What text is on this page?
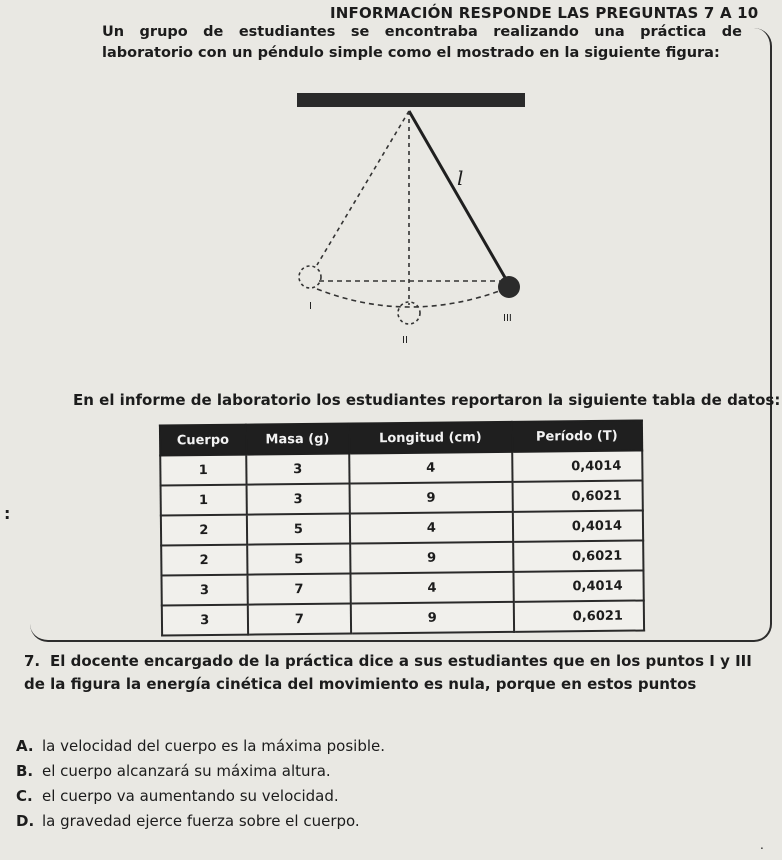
INFORMACIÓN RESPONDE LAS PREGUNTAS 7 A 10
Un grupo de estudiantes se encontraba realizando una práctica de laboratorio con un péndulo simple como el mostrado en la siguiente figura:
l
I
II
III
En el informe de laboratorio los estudiantes reportaron la siguiente tabla de datos:
:
Cuerpo	Masa (g)	Longitud (cm)	Período (T)
1	3	4	0,4014
1	3	9	0,6021
2	5	4	0,4014
2	5	9	0,6021
3	7	4	0,4014
3	7	9	0,6021
7. El docente encargado de la práctica dice a sus estudiantes que en los puntos I y III de la figura la energía cinética del movimiento es nula, porque en estos puntos
A. la velocidad del cuerpo es la máxima posible.
B. el cuerpo alcanzará su máxima altura.
C. el cuerpo va aumentando su velocidad.
D. la gravedad ejerce fuerza sobre el cuerpo.
.
